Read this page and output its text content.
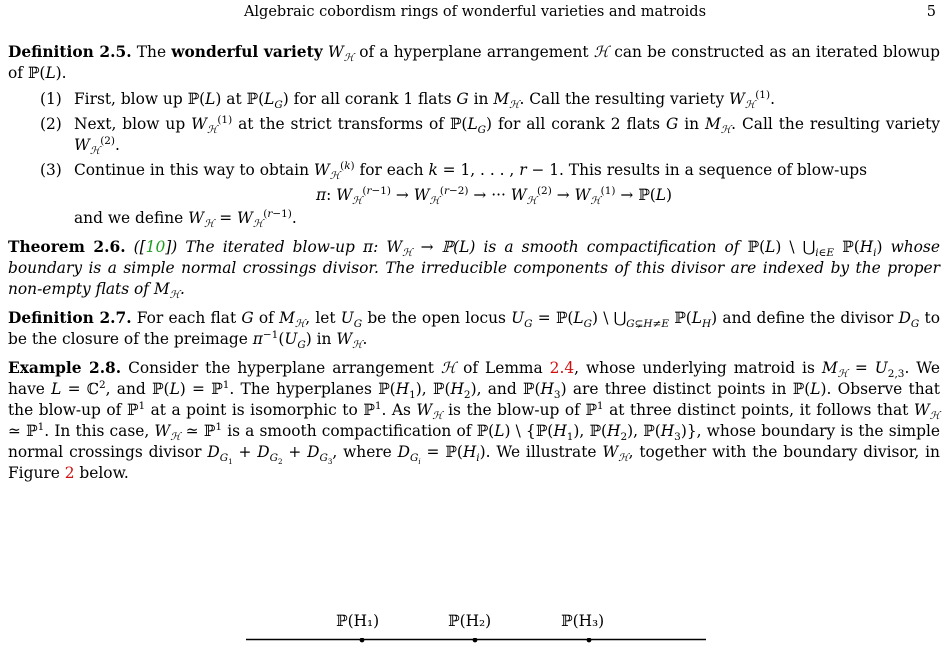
Algebraic cobordism rings of wonderful varieties and matroids	5

Definition 2.5. The wonderful variety $W_ℋ$ of a hyperplane arrangement ℋ can be constructed as an iterated blowup of ℙ(L).

(1) First, blow up ℙ(L) at $ℙ(L_G)$ for all corank 1 flats G in $M_ℋ$. Call the resulting variety $W_ℋ^{(1)}$.
(2) Next, blow up $W_ℋ^{(1)}$ at the strict transforms of $ℙ(L_G)$ for all corank 2 flats G in $M_ℋ$. Call the resulting variety $W_ℋ^{(2)}$.
(3) Continue in this way to obtain $W_ℋ^{(k)}$ for each k = 1, . . . , r − 1. This results in a sequence of blow-ups

π: $W_ℋ^{(r-1)} \to W_ℋ^{(r-2)}$ → ··· $W_ℋ^{(2)} \to W_ℋ^{(1)}$ → ℙ(L)

and we define $W_ℋ = W_ℋ^{(r-1)}$.

Theorem 2.6. ([10]) The iterated blow-up π: $W_ℋ$ → ℙ(L) is a smooth compactification of ℙ(L) \ $⋃_{i\in E}$ $ℙ(H_i)$ whose boundary is a simple normal crossings divisor. The irreducible components of this divisor are indexed by the proper non-empty flats of $M_ℋ$.

Definition 2.7. For each flat G of $M_ℋ$, let $U_G$ be the open locus $U_G$ = $ℙ(L_G)$ \ $⋃_{G⊊H\ne E}$ $ℙ(L_H)$ and define the divisor $D_G$ to be the closure of the preimage $\pi^{-1}(U_G)$ in $W_ℋ$.

Example 2.8. Consider the hyperplane arrangement ℋ of Lemma 2.4, whose underlying matroid is $M_ℋ = U_{2,3}$. We have L = ℂ$^2$, and ℙ(L) = ℙ$^1$. The hyperplanes $ℙ(H_1)$, $ℙ(H_2)$, and $ℙ(H_3)$ are three distinct points in ℙ(L). Observe that the blow-up of ℙ$^1$ at a point is isomorphic to ℙ$^1$. As $W_ℋ$ is the blow-up of ℙ$^1$ at three distinct points, it follows that $W_ℋ$ ≃ ℙ$^1$. In this case, $W_ℋ$ ≃ ℙ$^1$ is a smooth compactification of ℙ(L) \ {$ℙ(H_1)$, $ℙ(H_2)$, $ℙ(H_3)$}, whose boundary is the simple normal crossings divisor $D_{G_1} + D_{G_2} + D_{G_3}$, where $D_{G_i}$ = $ℙ(H_i)$. We illustrate $W_ℋ$, together with the boundary divisor, in Figure 2 below.

ℙ(H₁)	ℙ(H₂)	ℙ(H₃)
